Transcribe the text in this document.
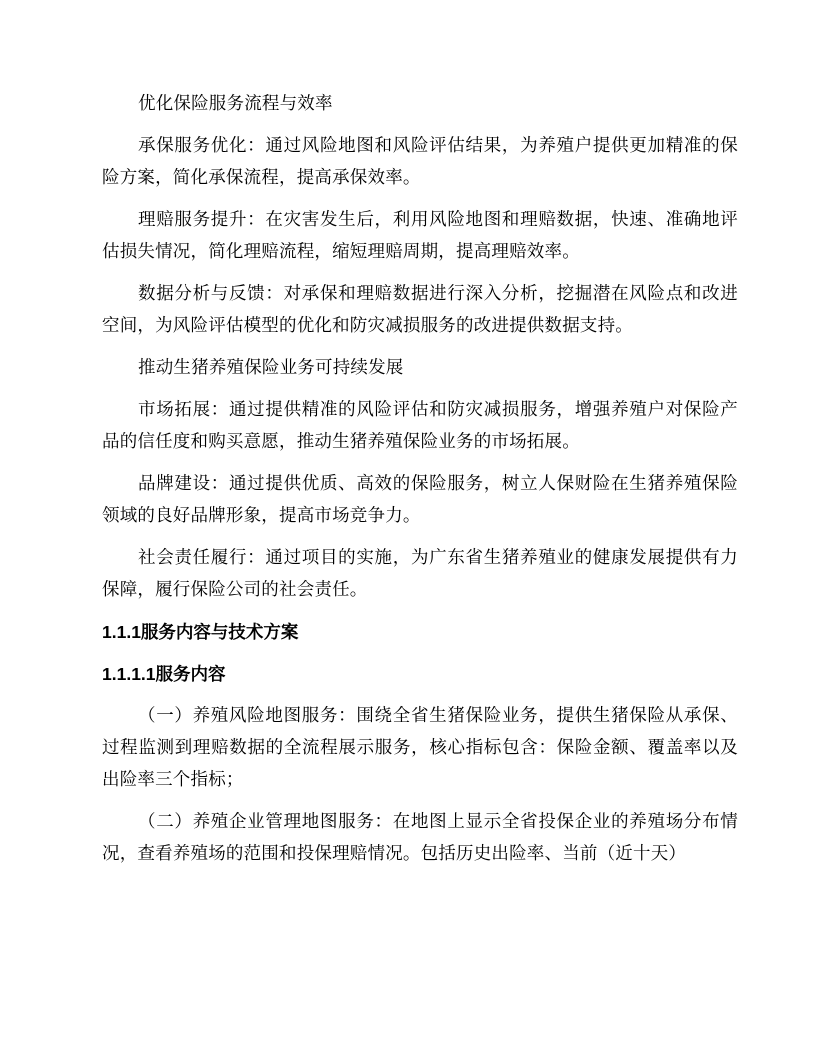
优化保险服务流程与效率

承保服务优化：通过风险地图和风险评估结果，为养殖户提供更加精准的保险方案，简化承保流程，提高承保效率。

理赔服务提升：在灾害发生后，利用风险地图和理赔数据，快速、准确地评估损失情况，简化理赔流程，缩短理赔周期，提高理赔效率。

数据分析与反馈：对承保和理赔数据进行深入分析，挖掘潜在风险点和改进空间，为风险评估模型的优化和防灾减损服务的改进提供数据支持。

推动生猪养殖保险业务可持续发展

市场拓展：通过提供精准的风险评估和防灾减损服务，增强养殖户对保险产品的信任度和购买意愿，推动生猪养殖保险业务的市场拓展。

品牌建设：通过提供优质、高效的保险服务，树立人保财险在生猪养殖保险领域的良好品牌形象，提高市场竞争力。

社会责任履行：通过项目的实施，为广东省生猪养殖业的健康发展提供有力保障，履行保险公司的社会责任。

1.1.1服务内容与技术方案
1.1.1.1服务内容

（一）养殖风险地图服务：围绕全省生猪保险业务，提供生猪保险从承保、过程监测到理赔数据的全流程展示服务，核心指标包含：保险金额、覆盖率以及出险率三个指标；

（二）养殖企业管理地图服务：在地图上显示全省投保企业的养殖场分布情况，查看养殖场的范围和投保理赔情况。包括历史出险率、当前（近十天）
